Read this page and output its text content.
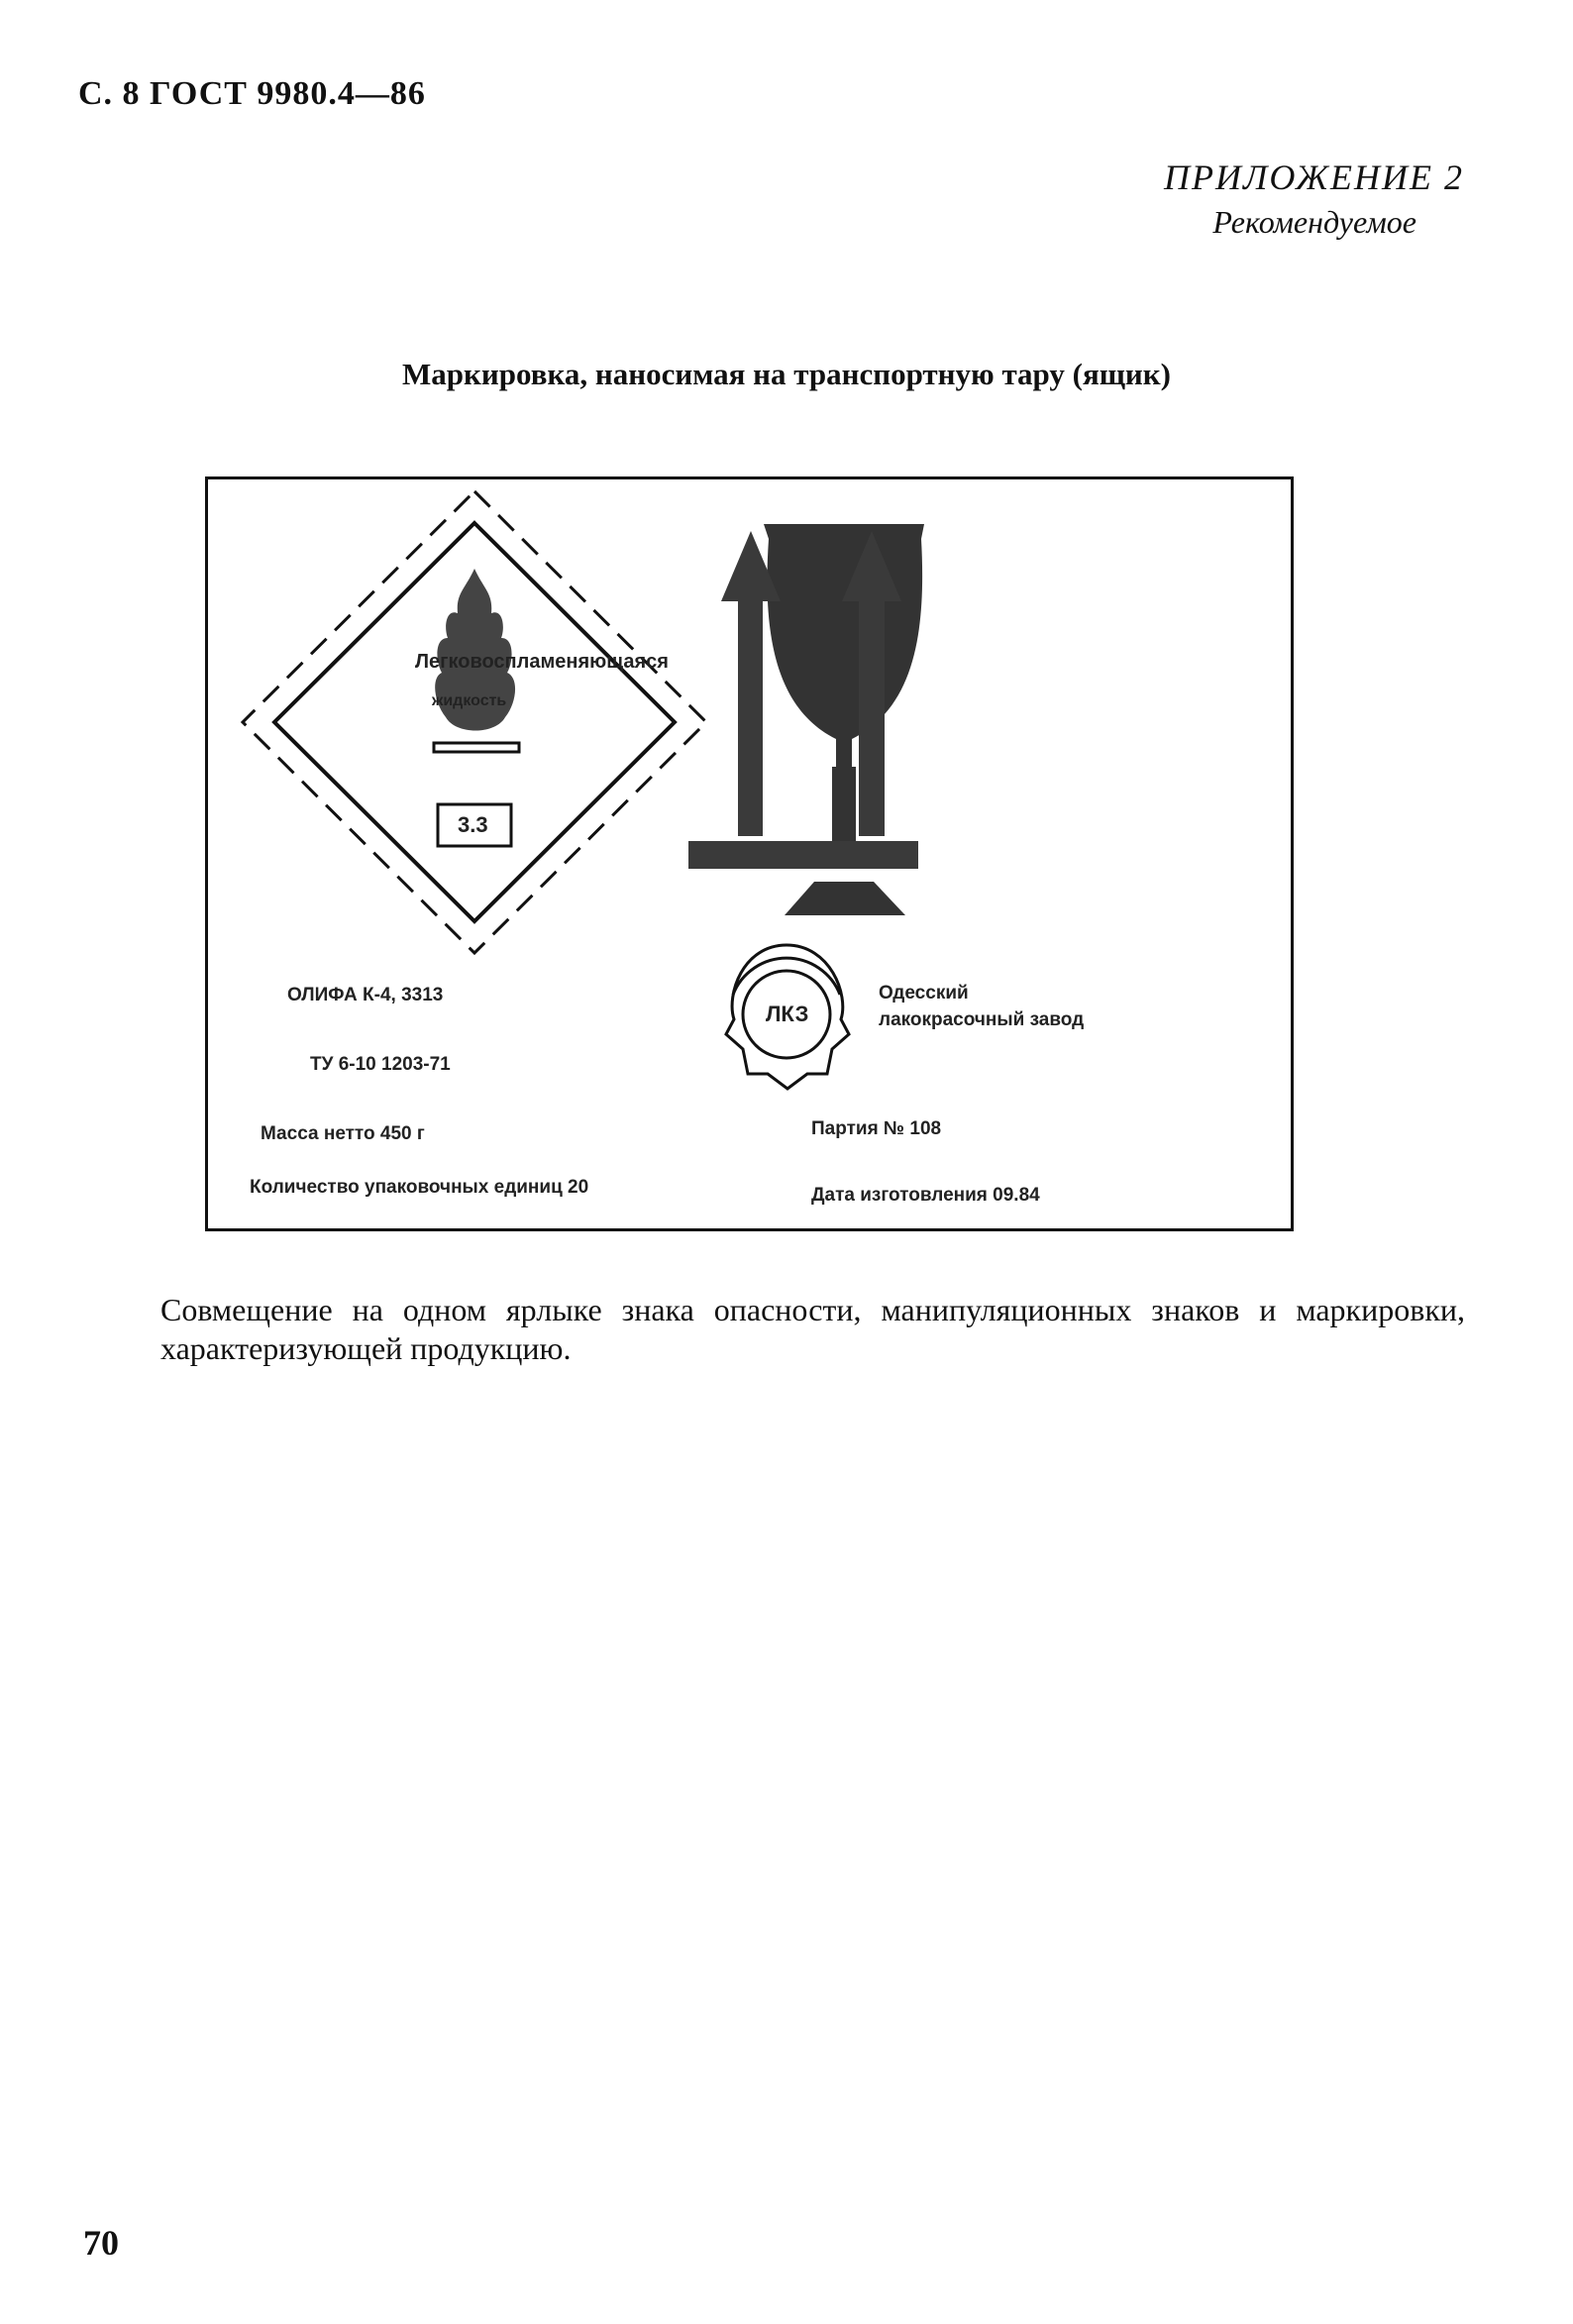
С. 8 ГОСТ 9980.4—86
ПРИЛОЖЕНИЕ 2
Рекомендуемое
Маркировка, наносимая на транспортную тару (ящик)
Легковоспламеняющаяся
жидкость
3.3
ЛКЗ
Одесский
лакокрасочный завод
ОЛИФА К-4, 3313
ТУ 6-10 1203-71
Масса нетто 450 г
Количество упаковочных единиц 20
Партия № 108
Дата изготовления 09.84
Совмещение на одном ярлыке знака опасности, манипуляционных знаков и маркировки, характеризующей продукцию.
70
